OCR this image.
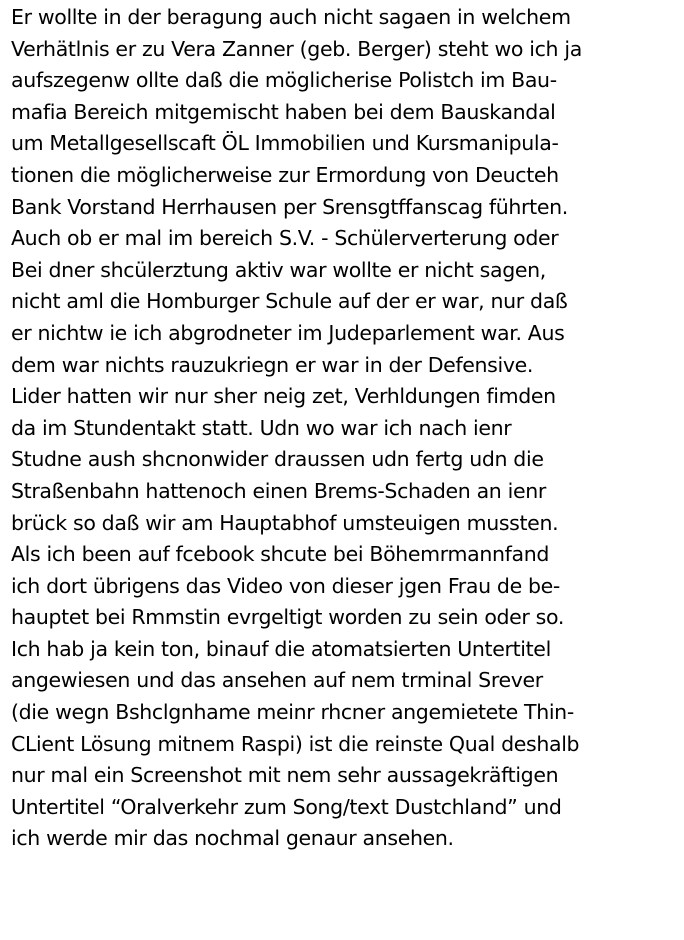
Er wollte in der beragung auch nicht sagaen in welchem
Verhätlnis er zu Vera Zanner (geb. Berger) steht wo ich ja
aufszegenw ollte daß die möglicherise Polistch im Bau-
mafia Bereich mitgemischt haben bei dem Bauskandal
um Metallgesellscaft ÖL Immobilien und Kursmanipula-
tionen die möglicherweise zur Ermordung von Deucteh
Bank Vorstand Herrhausen per Srensgtffanscag führten.
Auch ob er mal im bereich S.V. - Schülerverterung oder
Bei dner shcülerztung aktiv war wollte er nicht sagen,
nicht aml die Homburger Schule auf der er war, nur daß
er nichtw ie ich abgrodneter im Judeparlement war. Aus
dem war nichts rauzukriegn er war in der Defensive.
Lider hatten wir nur sher neig zet, Verhldungen fimden
da im Stundentakt statt. Udn wo war ich nach ienr
Studne aush shcnonwider draussen udn fertg udn die
Straßenbahn hattenoch einen Brems-Schaden an ienr
brück so daß wir am Hauptabhof umsteuigen mussten.
Als ich been auf fcebook shcute bei Böhemrmannfand
ich dort übrigens das Video von dieser jgen Frau de be-
hauptet bei Rmmstin evrgeltigt worden zu sein oder so.
Ich hab ja kein ton, binauf die atomatsierten Untertitel
angewiesen und das ansehen auf nem trminal Srever
(die wegn Bshclgnhame meinr rhcner angemietete Thin-
CLient Lösung mitnem Raspi) ist die reinste Qual deshalb
nur mal ein Screenshot mit nem sehr aussagekräftigen
Untertitel “Oralverkehr zum Song/text Dustchland” und
ich werde mir das nochmal genaur ansehen.
